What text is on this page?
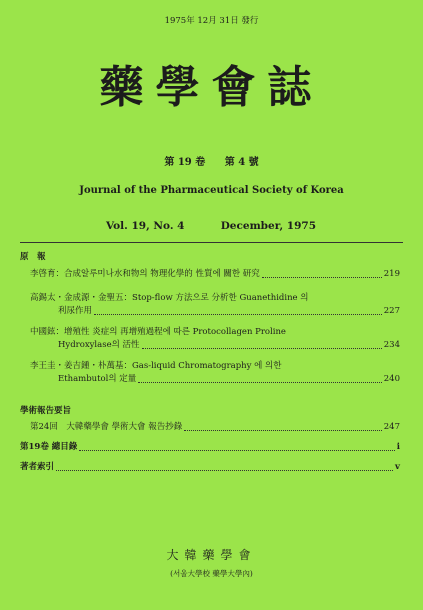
1975年 12月 31日 發行
藥學會誌
第 19 卷 第 4 號
Journal of the Pharmaceutical Society of Korea
Vol. 19, No. 4	December, 1975
原　報
李啓育：合成알루미나水和物의 物理化學的 性質에 關한 研究	219
高錫太・金成源・金聖五：Stop-flow 方法으로 分析한 Guanethidine 의
利尿作用	227
中國鉉：增殖性 炎症의 再增殖過程에 따른 Protocollagen Proline
Hydroxylase의 活性	234
李王圭・姜吉鍾・朴萬基：Gas-liquid Chromatography 에 의한
Ethambutol의 定量	240
學術報告要旨
第24回　大韓藥學會 學術大會 報告抄錄	247
第19卷 總目錄	i
著者索引	v
大韓藥學會
(서울大學校 藥學大學內)
